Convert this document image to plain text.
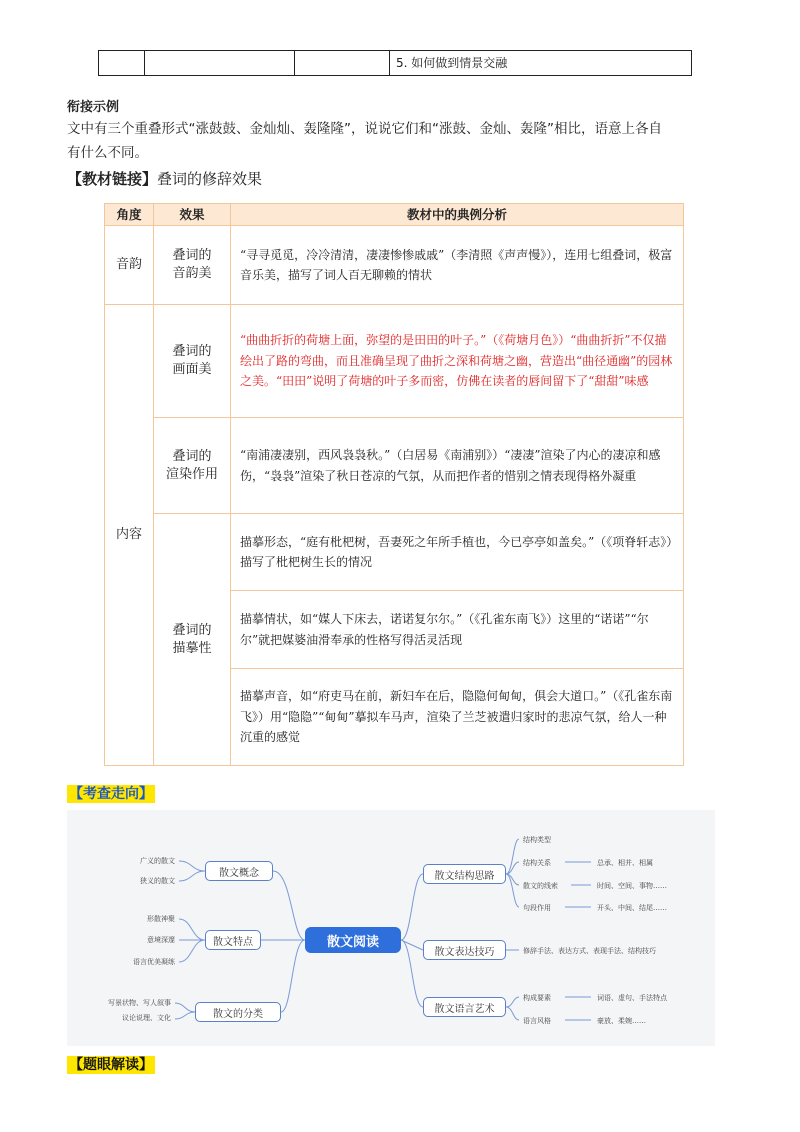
5. 如何做到情景交融
衔接示例
文中有三个重叠形式“涨鼓鼓、金灿灿、轰隆隆”，说说它们和“涨鼓、金灿、轰隆”相比，语意上各自
有什么不同。
【教材链接】叠词的修辞效果
角度	效果	教材中的典例分析
音韵
叠词的
音韵美
“寻寻觅觅，冷冷清清，凄凄惨惨戚戚”（李清照《声声慢》），连用七组叠词，极富音乐美，描写了词人百无聊赖的情状
内容
叠词的
画面美
“曲曲折折的荷塘上面，弥望的是田田的叶子。”（《荷塘月色》）“曲曲折折”不仅描绘出了路的弯曲，而且准确呈现了曲折之深和荷塘之幽，营造出“曲径通幽”的园林之美。“田田”说明了荷塘的叶子多而密，仿佛在读者的唇间留下了“甜甜”味感
叠词的
渲染作用
“南浦凄凄别，西风袅袅秋。”（白居易《南浦别》）“凄凄”渲染了内心的凄凉和感伤，“袅袅”渲染了秋日苍凉的气氛，从而把作者的惜别之情表现得格外凝重
叠词的
描摹性
描摹形态，“庭有枇杷树，吾妻死之年所手植也，今已亭亭如盖矣。”（《项脊轩志》）描写了枇杷树生长的情况
描摹情状，如“媒人下床去，诺诺复尔尔。”（《孔雀东南飞》）这里的“诺诺”“尔尔”就把媒婆油滑奉承的性格写得活灵活现
描摹声音，如“府吏马在前，新妇车在后，隐隐何甸甸，俱会大道口。”（《孔雀东南飞》）用“隐隐”“甸甸”摹拟车马声，渲染了兰芝被遣归家时的悲凉气氛，给人一种沉重的感觉
【考查走向】
散文阅读
散文概念
散文特点
散文的分类
广义的散文
狭义的散文
形散神聚
意境深邃
语言优美凝练
写景状物、写人叙事
议论说理、文化
散文结构思路
散文表达技巧
散文语言艺术
结构类型
结构关系
散文的线索
句段作用
修辞手法、表达方式、表现手法、结构技巧
构成要素
语言风格
总承、相并、相属
时间、空间、事物……
开头、中间、结尾……
词语、虚句、手法特点
豪放、柔婉……
【题眼解读】
